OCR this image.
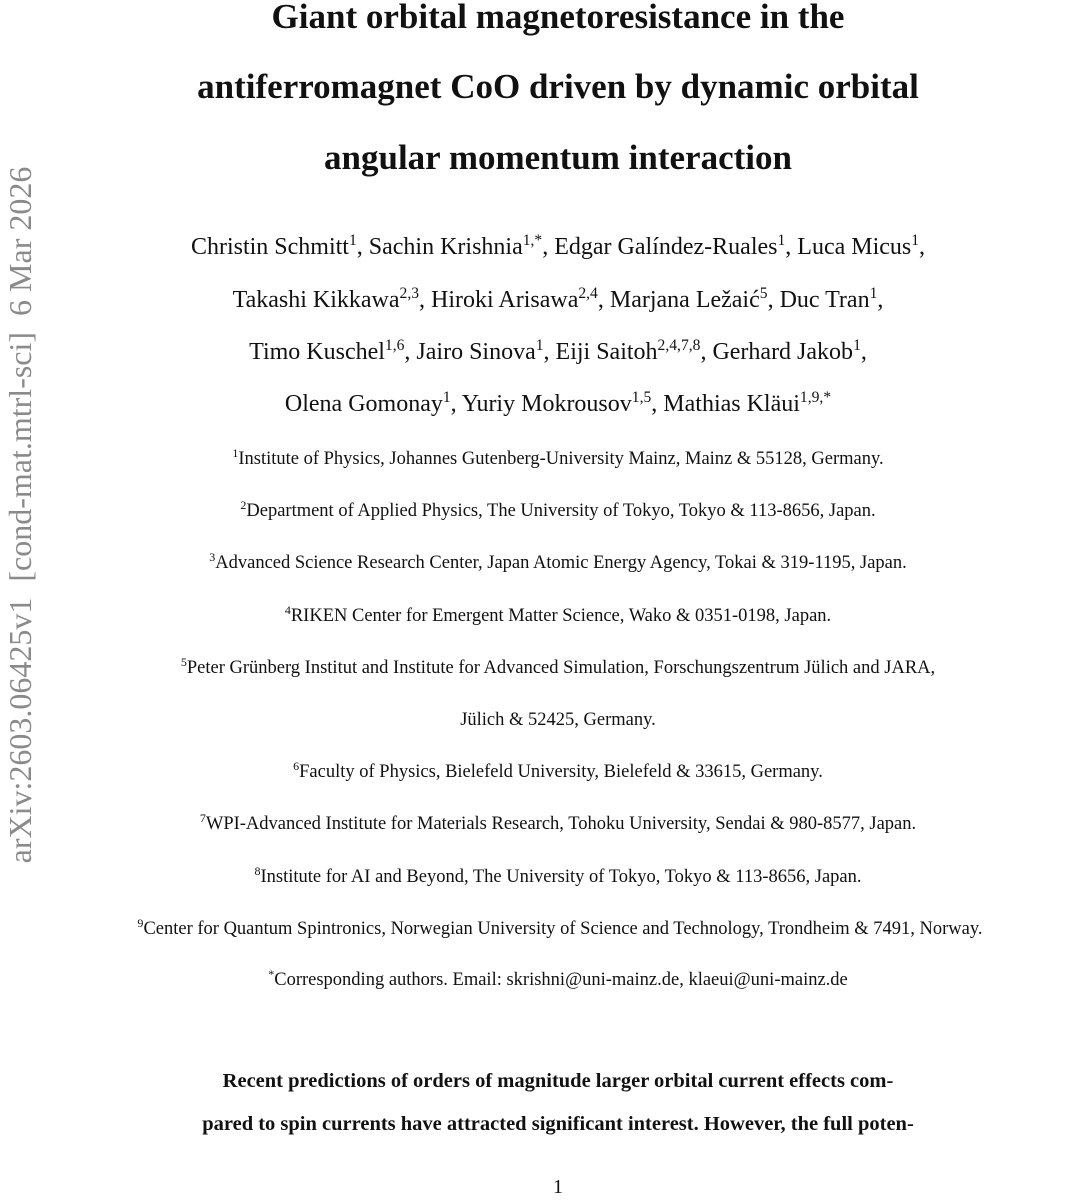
arXiv:2603.06425v1  [cond-mat.mtrl-sci]  6 Mar 2026
Giant orbital magnetoresistance in the
antiferromagnet CoO driven by dynamic orbital
angular momentum interaction
Christin Schmitt$^1$, Sachin Krishnia$^{1,*}$, Edgar Galíndez-Ruales$^1$, Luca Micus$^1$,
Takashi Kikkawa$^{2,3}$, Hiroki Arisawa$^{2,4}$, Marjana Ležaić$^5$, Duc Tran$^1$,
Timo Kuschel$^{1,6}$, Jairo Sinova$^1$, Eiji Saitoh$^{2,4,7,8}$, Gerhard Jakob$^1$,
Olena Gomonay$^1$, Yuriy Mokrousov$^{1,5}$, Mathias Kläui$^{1,9,*}$
$^1$Institute of Physics, Johannes Gutenberg-University Mainz, Mainz & 55128, Germany.
$^2$Department of Applied Physics, The University of Tokyo, Tokyo & 113-8656, Japan.
$^3$Advanced Science Research Center, Japan Atomic Energy Agency, Tokai & 319-1195, Japan.
$^4$RIKEN Center for Emergent Matter Science, Wako & 0351-0198, Japan.
$^5$Peter Grünberg Institut and Institute for Advanced Simulation, Forschungszentrum Jülich and JARA,
Jülich & 52425, Germany.
$^6$Faculty of Physics, Bielefeld University, Bielefeld & 33615, Germany.
$^7$WPI-Advanced Institute for Materials Research, Tohoku University, Sendai & 980-8577, Japan.
$^8$Institute for AI and Beyond, The University of Tokyo, Tokyo & 113-8656, Japan.
$^9$Center for Quantum Spintronics, Norwegian University of Science and Technology, Trondheim & 7491, Norway.
*Corresponding authors. Email: skrishni@uni-mainz.de, klaeui@uni-mainz.de
Recent predictions of orders of magnitude larger orbital current effects com-
pared to spin currents have attracted significant interest. However, the full poten-
1
